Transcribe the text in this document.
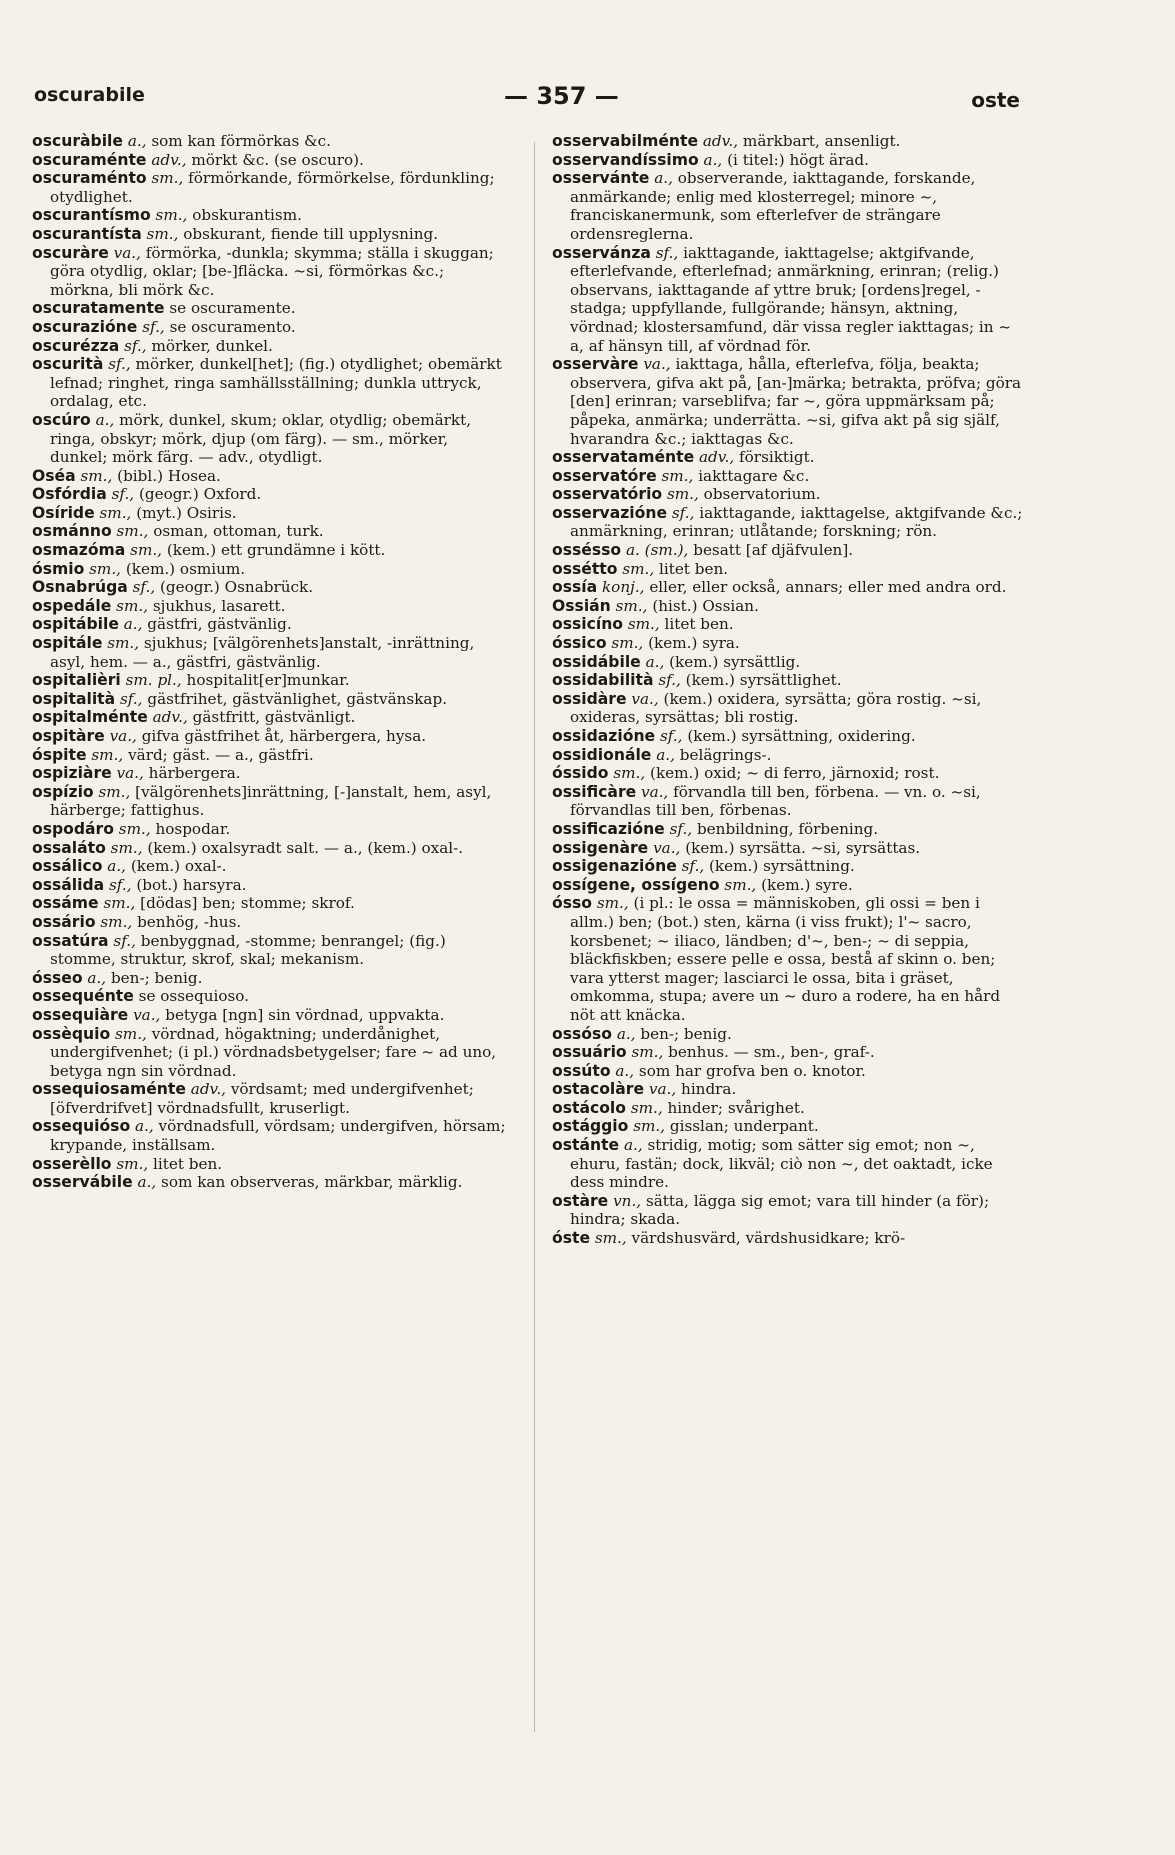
oscurabile	— 357 —	oste

oscuràbile a., som kan förmörkas &c.

oscuraménte adv., mörkt &c. (se oscuro).

oscuraménto sm., förmörkande, förmörkelse, fördunkling; otydlighet.

oscurantísmo sm., obskurantism.

oscurantísta sm., obskurant, fiende till upplysning.

oscuràre va., förmörka, -dunkla; skymma; ställa i skuggan; göra otydlig, oklar; [be-]fläcka. ~si, förmörkas &c.; mörkna, bli mörk &c.

oscuratamente se oscuramente.

oscurazióne sf., se oscuramento.

oscurézza sf., mörker, dunkel.

oscurità sf., mörker, dunkel[het]; (fig.) otydlighet; obemärkt lefnad; ringhet, ringa samhällsställning; dunkla uttryck, ordalag, etc.

oscúro a., mörk, dunkel, skum; oklar, otydlig; obemärkt, ringa, obskyr; mörk, djup (om färg). — sm., mörker, dunkel; mörk färg. — adv., otydligt.

Oséa sm., (bibl.) Hosea.

Osfórdia sf., (geogr.) Oxford.

Osíride sm., (myt.) Osiris.

osmánno sm., osman, ottoman, turk.

osmazóma sm., (kem.) ett grundämne i kött.

ósmio sm., (kem.) osmium.

Osnabrúga sf., (geogr.) Osnabrück.

ospedále sm., sjukhus, lasarett.

ospitábile a., gästfri, gästvänlig.

ospitále sm., sjukhus; [välgörenhets]anstalt, -inrättning, asyl, hem. — a., gästfri, gästvänlig.

ospitalièri sm. pl., hospitalit[er]munkar.

ospitalità sf., gästfrihet, gästvänlighet, gästvänskap.

ospitalménte adv., gästfritt, gästvänligt.

ospitàre va., gifva gästfrihet åt, härbergera, hysa.

óspite sm., värd; gäst. — a., gästfri.

ospiziàre va., härbergera.

ospízio sm., [välgörenhets]inrättning, [-]anstalt, hem, asyl, härberge; fattighus.

ospodáro sm., hospodar.

ossaláto sm., (kem.) oxalsyradt salt. — a., (kem.) oxal-.

ossálico a., (kem.) oxal-.

ossálida sf., (bot.) harsyra.

ossáme sm., [dödas] ben; stomme; skrof.

ossário sm., benhög, -hus.

ossatúra sf., benbyggnad, -stomme; benrangel; (fig.) stomme, struktur, skrof, skal; mekanism.

ósseo a., ben-; benig.

ossequénte se ossequioso.

ossequiàre va., betyga [ngn] sin vördnad, uppvakta.

ossèquio sm., vördnad, högaktning; underdånighet, undergifvenhet; (i pl.) vördnadsbetygelser; fare ~ ad uno, betyga ngn sin vördnad.

ossequiosaménte adv., vördsamt; med undergifvenhet; [öfverdrifvet] vördnadsfullt, kruserligt.

ossequióso a., vördnadsfull, vördsam; undergifven, hörsam; krypande, inställsam.

osserèllo sm., litet ben.

osservábile a., som kan observeras, märkbar, märklig.

osservabilménte adv., märkbart, ansenligt.

osservandíssimo a., (i titel:) högt ärad.

osservánte a., observerande, iakttagande, forskande, anmärkande; enlig med klosterregel; minore ~, franciskanermunk, som efterlefver de strängare ordensreglerna.

osservánza sf., iakttagande, iakttagelse; aktgifvande, efterlefvande, efterlefnad; anmärkning, erinran; (relig.) observans, iakttagande af yttre bruk; [ordens]regel, -stadga; uppfyllande, fullgörande; hänsyn, aktning, vördnad; klostersamfund, där vissa regler iakttagas; in ~ a, af hänsyn till, af vördnad för.

osservàre va., iakttaga, hålla, efterlefva, följa, beakta; observera, gifva akt på, [an-]märka; betrakta, pröfva; göra [den] erinran; varseblifva; far ~, göra uppmärksam på; påpeka, anmärka; underrätta. ~si, gifva akt på sig själf, hvarandra &c.; iakttagas &c.

osservataménte adv., försiktigt.

osservatóre sm., iakttagare &c.

osservatório sm., observatorium.

osservazióne sf., iakttagande, iakttagelse, aktgifvande &c.; anmärkning, erinran; utlåtande; forskning; rön.

ossésso a. (sm.), besatt [af djäfvulen].

ossétto sm., litet ben.

ossía konj., eller, eller också, annars; eller med andra ord.

Ossián sm., (hist.) Ossian.

ossicíno sm., litet ben.

óssico sm., (kem.) syra.

ossidábile a., (kem.) syrsättlig.

ossidabilità sf., (kem.) syrsättlighet.

ossidàre va., (kem.) oxidera, syrsätta; göra rostig. ~si, oxideras, syrsättas; bli rostig.

ossidazióne sf., (kem.) syrsättning, oxidering.

ossidionále a., belägrings-.

óssido sm., (kem.) oxid; ~ di ferro, järnoxid; rost.

ossificàre va., förvandla till ben, förbena. — vn. o. ~si, förvandlas till ben, förbenas.

ossificazióne sf., benbildning, förbening.

ossigenàre va., (kem.) syrsätta. ~si, syrsättas.

ossigenazióne sf., (kem.) syrsättning.

ossígene, ossígeno sm., (kem.) syre.

ósso sm., (i pl.: le ossa = människoben, gli ossi = ben i allm.) ben; (bot.) sten, kärna (i viss frukt); l'~ sacro, korsbenet; ~ iliaco, ländben; d'~, ben-; ~ di seppia, bläckfiskben; essere pelle e ossa, bestå af skinn o. ben; vara ytterst mager; lasciarci le ossa, bita i gräset, omkomma, stupa; avere un ~ duro a rodere, ha en hård nöt att knäcka.

ossóso a., ben-; benig.

ossuário sm., benhus. — sm., ben-, graf-.

ossúto a., som har grofva ben o. knotor.

ostacolàre va., hindra.

ostácolo sm., hinder; svårighet.

ostággio sm., gisslan; underpant.

ostánte a., stridig, motig; som sätter sig emot; non ~, ehuru, fastän; dock, likväl; ciò non ~, det oaktadt, icke dess mindre.

ostàre vn., sätta, lägga sig emot; vara till hinder (a för); hindra; skada.

óste sm., värdshusvärd, värdshusidkare; krö-
